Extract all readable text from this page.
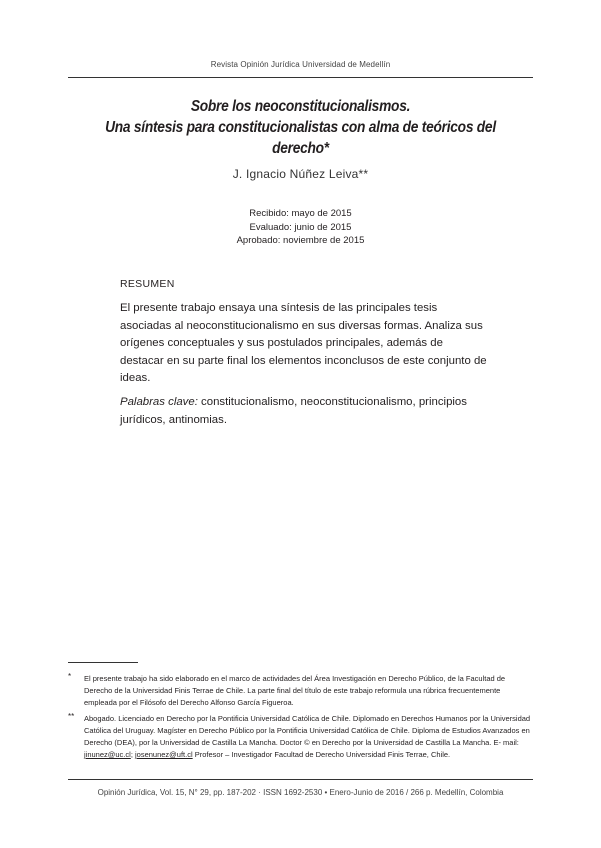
Revista Opinión Jurídica Universidad de Medellín
Sobre los neoconstitucionalismos.
Una síntesis para constitucionalistas con alma de teóricos del derecho*
J. Ignacio Núñez Leiva**
Recibido: mayo de 2015
Evaluado: junio de 2015
Aprobado: noviembre de 2015
RESUMEN

El presente trabajo ensaya una síntesis de las principales tesis asociadas al neoconstitucionalismo en sus diversas formas. Analiza sus orígenes conceptuales y sus postulados principales, además de destacar en su parte final los elementos inconclusos de este conjunto de ideas.

Palabras clave: constitucionalismo, neoconstitucionalismo, principios jurídicos, antinomias.

* El presente trabajo ha sido elaborado en el marco de actividades del Área Investigación en Derecho Público, de la Facultad de Derecho de la Universidad Finis Terrae de Chile. La parte final del título de este trabajo reformula una rúbrica frecuentemente empleada por el Filósofo del Derecho Alfonso García Figueroa.
** Abogado. Licenciado en Derecho por la Pontificia Universidad Católica de Chile. Diplomado en Derechos Humanos por la Universidad Católica del Uruguay. Magíster en Derecho Público por la Pontificia Universidad Católica de Chile. Diploma de Estudios Avanzados en Derecho (DEA), por la Universidad de Castilla La Mancha. Doctor © en Derecho por la Universidad de Castilla La Mancha. E- mail: jinunez@uc.cl; josenunez@uft.cl Profesor – Investigador Facultad de Derecho Universidad Finis Terrae, Chile.
Opinión Jurídica, Vol. 15, N° 29, pp. 187-202 · ISSN 1692-2530 • Enero-Junio de 2016 / 266 p. Medellín, Colombia
